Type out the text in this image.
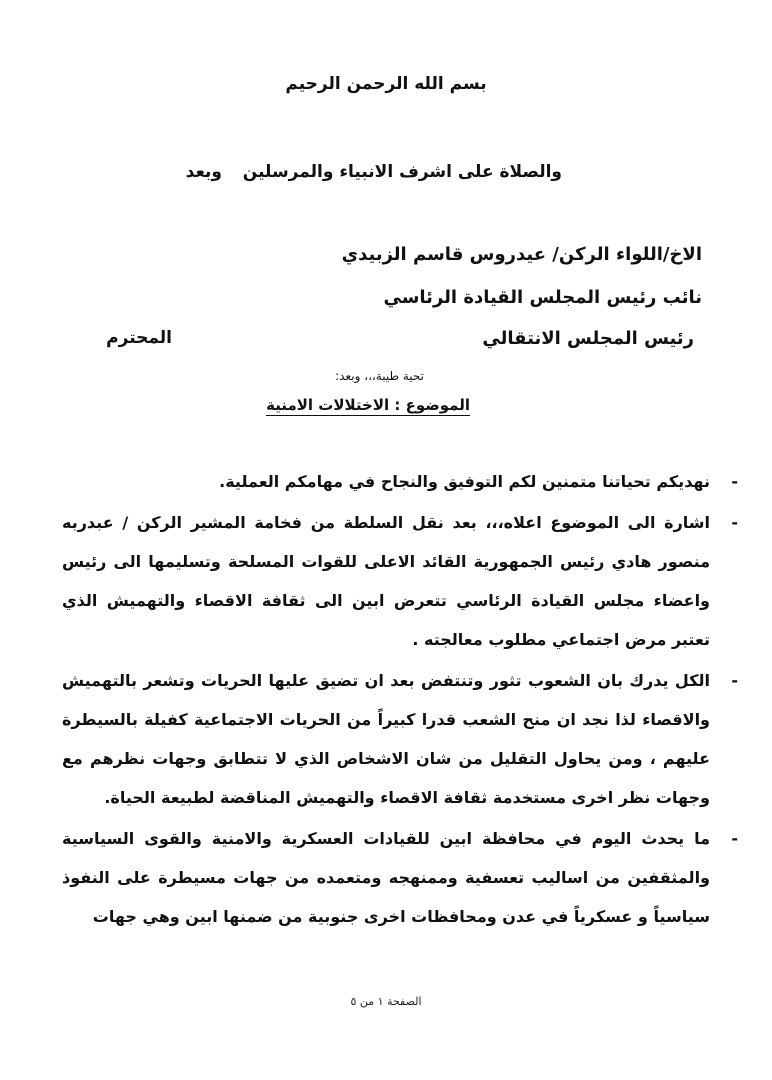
بسم الله الرحمن الرحيم
والصلاة على اشرف الانبياء والمرسلين
وبعد
الاخ/اللواء الركن/ عيدروس قاسم الزبيدي
نائب رئيس المجلس القيادة الرئاسي
رئيس المجلس الانتقالي
المحترم
تحية طيبة،،، وبعد:
الموضوع : الاختلالات الامنية
-
نهديكم تحياتنا متمنين لكم التوفيق والنجاح في مهامكم العملية.
-
اشارة الى الموضوع اعلاه،،، بعد نقل السلطة من فخامة المشير الركن / عبدربه منصور هادي رئيس الجمهورية القائد الاعلى للقوات المسلحة وتسليمها الى رئيس واعضاء مجلس القيادة الرئاسي تتعرض ابين الى ثقافة الاقصاء والتهميش الذي تعتبر مرض اجتماعي مطلوب معالجته .
-
الكل يدرك بان الشعوب تثور وتنتفض بعد ان تضيق عليها الحريات وتشعر بالتهميش والاقصاء لذا نجد ان منح الشعب قدرا كبيراً من الحريات الاجتماعية كفيلة بالسيطرة عليهم ، ومن يحاول التقليل من شان الاشخاص الذي لا تتطابق وجهات نظرهم مع وجهات نظر اخرى مستخدمة ثقافة الاقصاء والتهميش المناقضة لطبيعة الحياة.
-
ما يحدث اليوم في محافظة ابين للقيادات العسكرية والامنية والقوى السياسية والمثقفين من اساليب تعسفية وممنهجه ومتعمده من جهات مسيطرة على النفوذ سياسياً و عسكرياً في عدن ومحافظات اخرى جنوبية من ضمنها ابين وهي جهات
الصفحة ١ من ٥
